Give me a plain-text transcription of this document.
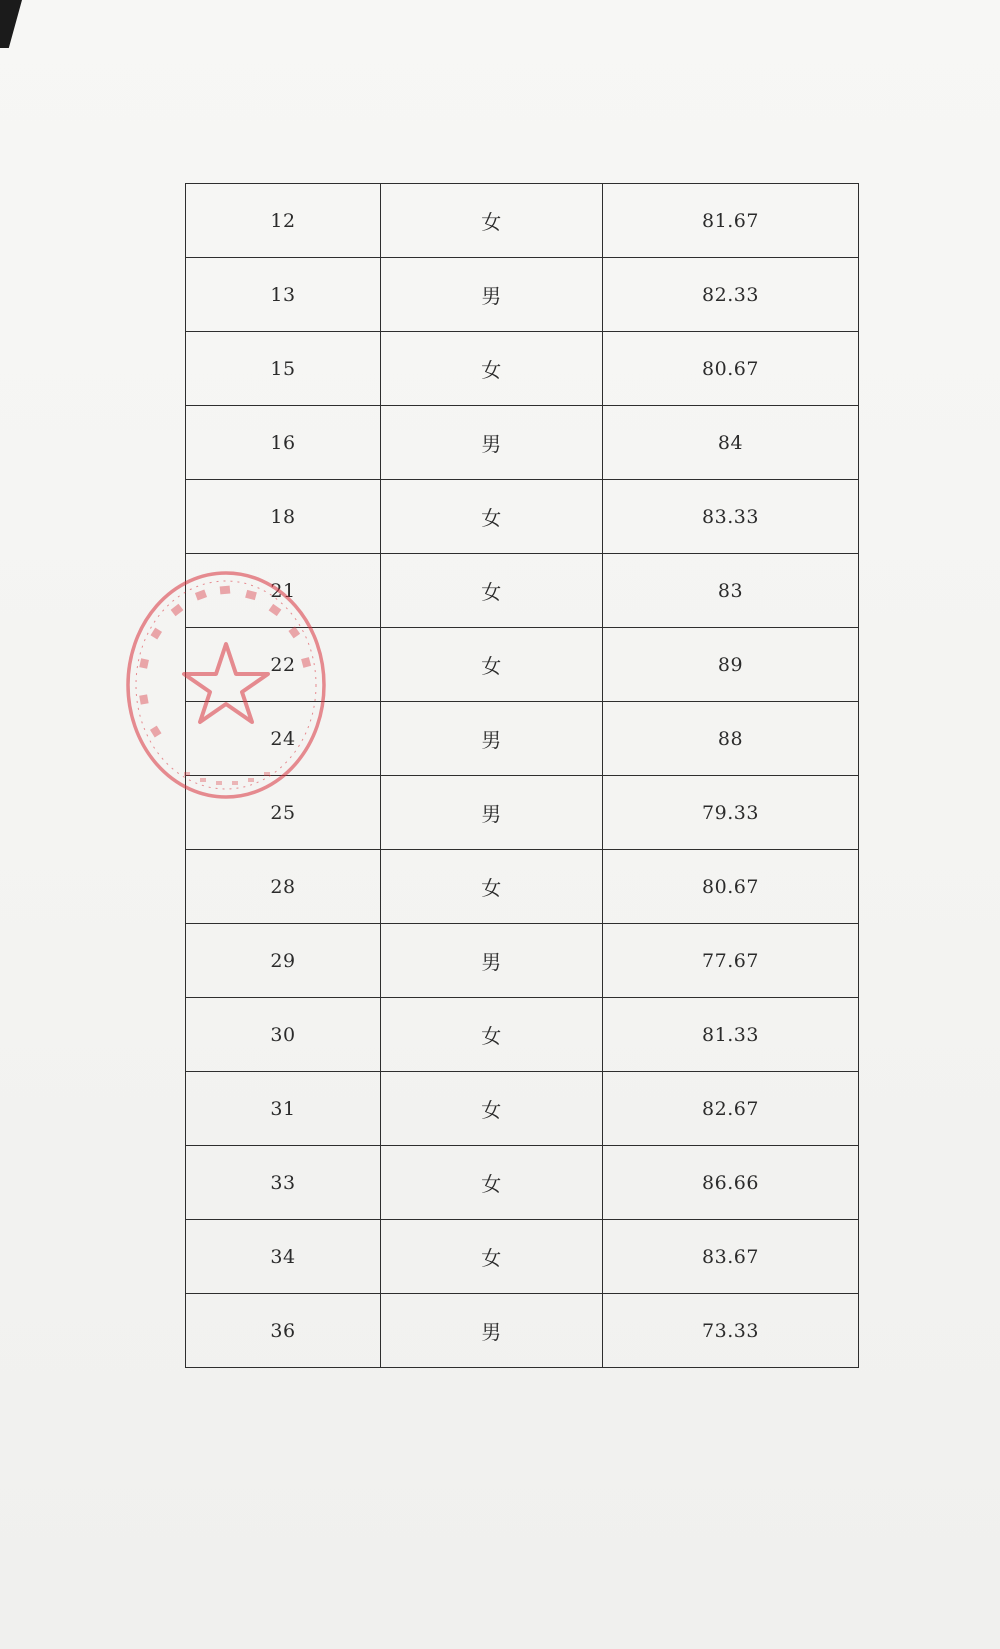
12	女	81.67
13	男	82.33
15	女	80.67
16	男	84
18	女	83.33
21	女	83
22	女	89
24	男	88
25	男	79.33
28	女	80.67
29	男	77.67
30	女	81.33
31	女	82.67
33	女	86.66
34	女	83.67
36	男	73.33
